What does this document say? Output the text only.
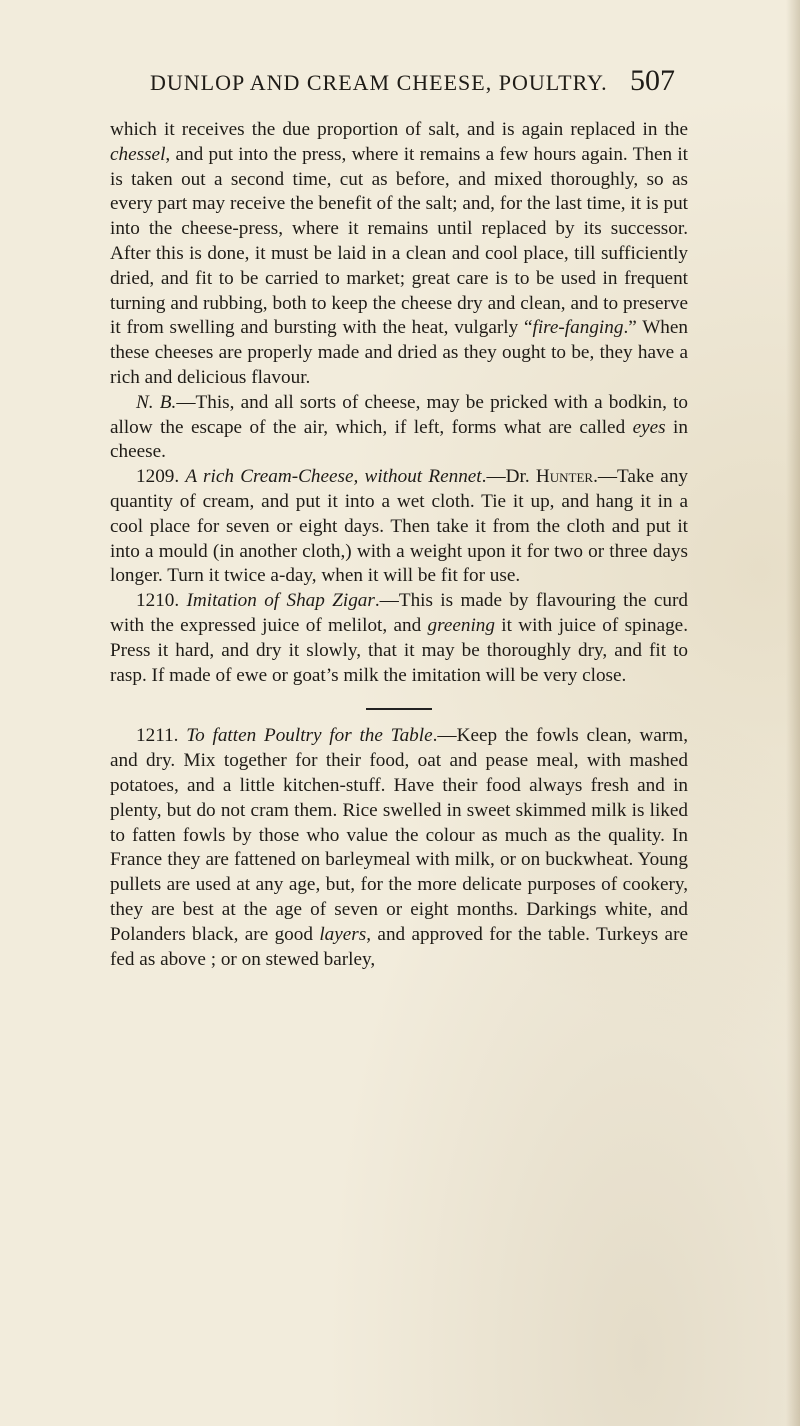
DUNLOP AND CREAM CHEESE, POULTRY. 507

which it receives the due proportion of salt, and is again replaced in the chessel, and put into the press, where it remains a few hours again. Then it is taken out a second time, cut as before, and mixed thoroughly, so as every part may receive the benefit of the salt; and, for the last time, it is put into the cheese-press, where it remains until replaced by its successor. After this is done, it must be laid in a clean and cool place, till sufficiently dried, and fit to be carried to market; great care is to be used in frequent turning and rubbing, both to keep the cheese dry and clean, and to preserve it from swelling and bursting with the heat, vulgarly “fire-fanging.” When these cheeses are properly made and dried as they ought to be, they have a rich and delicious flavour.

N. B.—This, and all sorts of cheese, may be pricked with a bodkin, to allow the escape of the air, which, if left, forms what are called eyes in cheese.

1209. A rich Cream-Cheese, without Rennet.—Dr. Hunter.—Take any quantity of cream, and put it into a wet cloth. Tie it up, and hang it in a cool place for seven or eight days. Then take it from the cloth and put it into a mould (in another cloth,) with a weight upon it for two or three days longer. Turn it twice a-day, when it will be fit for use.

1210. Imitation of Shap Zigar.—This is made by flavouring the curd with the expressed juice of melilot, and greening it with juice of spinage. Press it hard, and dry it slowly, that it may be thoroughly dry, and fit to rasp. If made of ewe or goat’s milk the imitation will be very close.

1211. To fatten Poultry for the Table.—Keep the fowls clean, warm, and dry. Mix together for their food, oat and pease meal, with mashed potatoes, and a little kitchen-stuff. Have their food always fresh and in plenty, but do not cram them. Rice swelled in sweet skimmed milk is liked to fatten fowls by those who value the colour as much as the quality. In France they are fattened on barleymeal with milk, or on buckwheat. Young pullets are used at any age, but, for the more delicate purposes of cookery, they are best at the age of seven or eight months. Darkings white, and Polanders black, are good layers, and approved for the table. Turkeys are fed as above ; or on stewed barley,
